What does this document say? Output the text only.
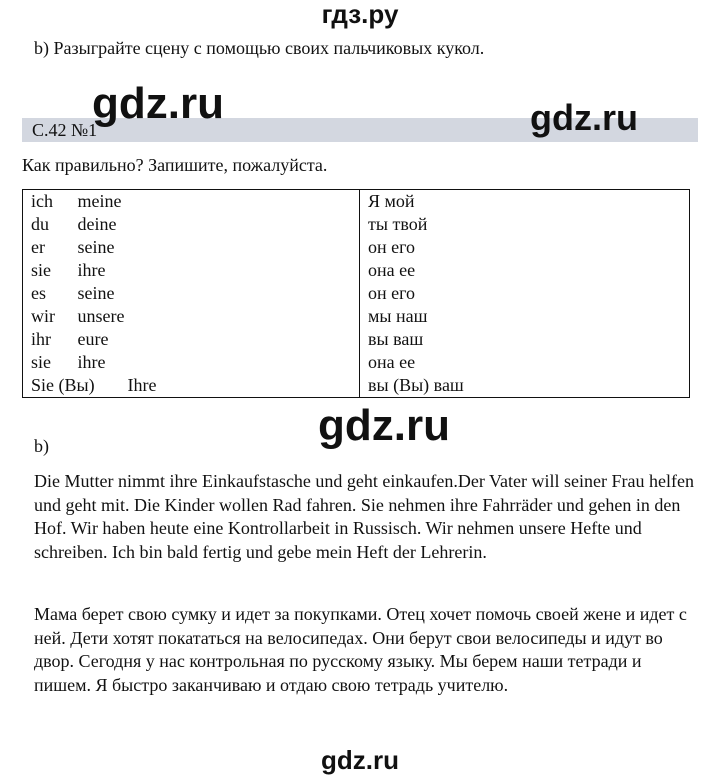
гдз.ру
b) Разыграйте сцену с помощью своих пальчиковых кукол.
С.42 №1
gdz.ru	gdz.ru
Как правильно? Запишите, пожалуйста.
ich meine	Я мой
du deine	ты твой
er seine	он его
sie ihre	она ее
es seine	он его
wir unsere	мы наш
ihr eure	вы ваш
sie ihre	она ее
Sie (Вы) Ihre	вы (Вы) ваш
gdz.ru
b)

Die Mutter nimmt ihre Einkaufstasche und geht einkaufen.Der Vater will seiner Frau helfen und geht mit. Die Kinder wollen Rad fahren. Sie nehmen ihre Fahrräder und gehen in den Hof. Wir haben heute eine Kontrollarbeit in Russisch. Wir nehmen unsere Hefte und schreiben. Ich bin bald fertig und gebe mein Heft der Lehrerin.

Мама берет свою сумку и идет за покупками. Отец хочет помочь своей жене и идет с ней. Дети хотят покататься на велосипедах. Они берут свои велосипеды и идут во двор. Сегодня у нас контрольная по русскому языку. Мы берем наши тетради и пишем. Я быстро заканчиваю и отдаю свою тетрадь учителю.

gdz.ru
